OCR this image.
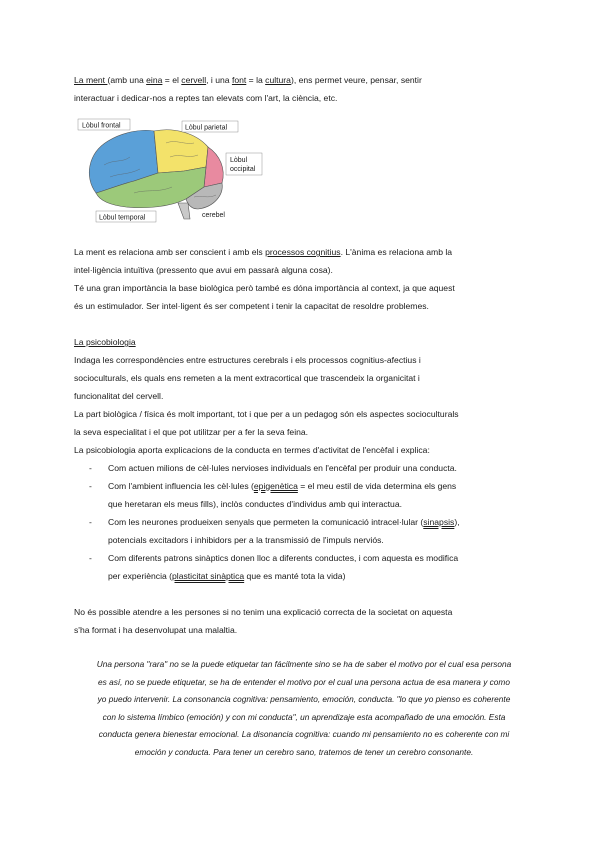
La ment (amb una eina = el cervell, i una font = la cultura), ens permet veure, pensar, sentir

interactuar i dedicar-nos a reptes tan elevats com l'art, la ciència, etc.

Lòbul frontal	Lòbul parietal
Lòbul
occipital
Lòbul temporal	cerebel

La ment es relaciona amb ser conscient i amb els processos cognitius. L'ànima es relaciona amb la

intel·ligència intuïtiva (pressento que avui em passarà alguna cosa).

Té una gran importància la base biològica però també es dóna importància al context, ja que aquest

és un estimulador. Ser intel·ligent és ser competent i tenir la capacitat de resoldre problemes.

La psicobiologia

Indaga les correspondències entre estructures cerebrals i els processos cognitius-afectius i

socioculturals, els quals ens remeten a la ment extracortical que trascendeix la organicitat i

funcionalitat del cervell.

La part biològica / física és molt important, tot i que per a un pedagog són els aspectes socioculturals

la seva especialitat i el que pot utilitzar per a fer la seva feina.

La psicobiologia aporta explicacions de la conducta en termes d'activitat de l'encèfal i explica:

- Com actuen milions de cèl·lules nervioses individuals en l'encèfal per produir una conducta.
- Com l'ambient influencia les cèl·lules (epigenètica = el meu estil de vida determina els gens
que heretaran els meus fills), inclòs conductes d'individus amb qui interactua.
- Com les neurones produeixen senyals que permeten la comunicació intracel·lular (sinapsis),
potencials excitadors i inhibidors per a la transmissió de l'impuls nerviós.
- Com diferents patrons sinàptics donen lloc a diferents conductes, i com aquesta es modifica
per experiència (plasticitat sinàptica que es manté tota la vida)

No és possible atendre a les persones si no tenim una explicació correcta de la societat on aquesta

s'ha format i ha desenvolupat una malaltia.

Una persona "rara" no se la puede etiquetar tan fácilmente sino se ha de saber el motivo por el cual esa persona

es así, no se puede etiquetar, se ha de entender el motivo por el cual una persona actua de esa manera y como

yo puedo intervenir. La consonancia cognitiva: pensamiento, emoción, conducta. "lo que yo pienso es coherente

con lo sistema límbico (emoción) y con mi conducta", un aprendizaje esta acompañado de una emoción. Esta

conducta genera bienestar emocional. La disonancia cognitiva: cuando mi pensamiento no es coherente con mi

emoción y conducta. Para tener un cerebro sano, tratemos de tener un cerebro consonante.
